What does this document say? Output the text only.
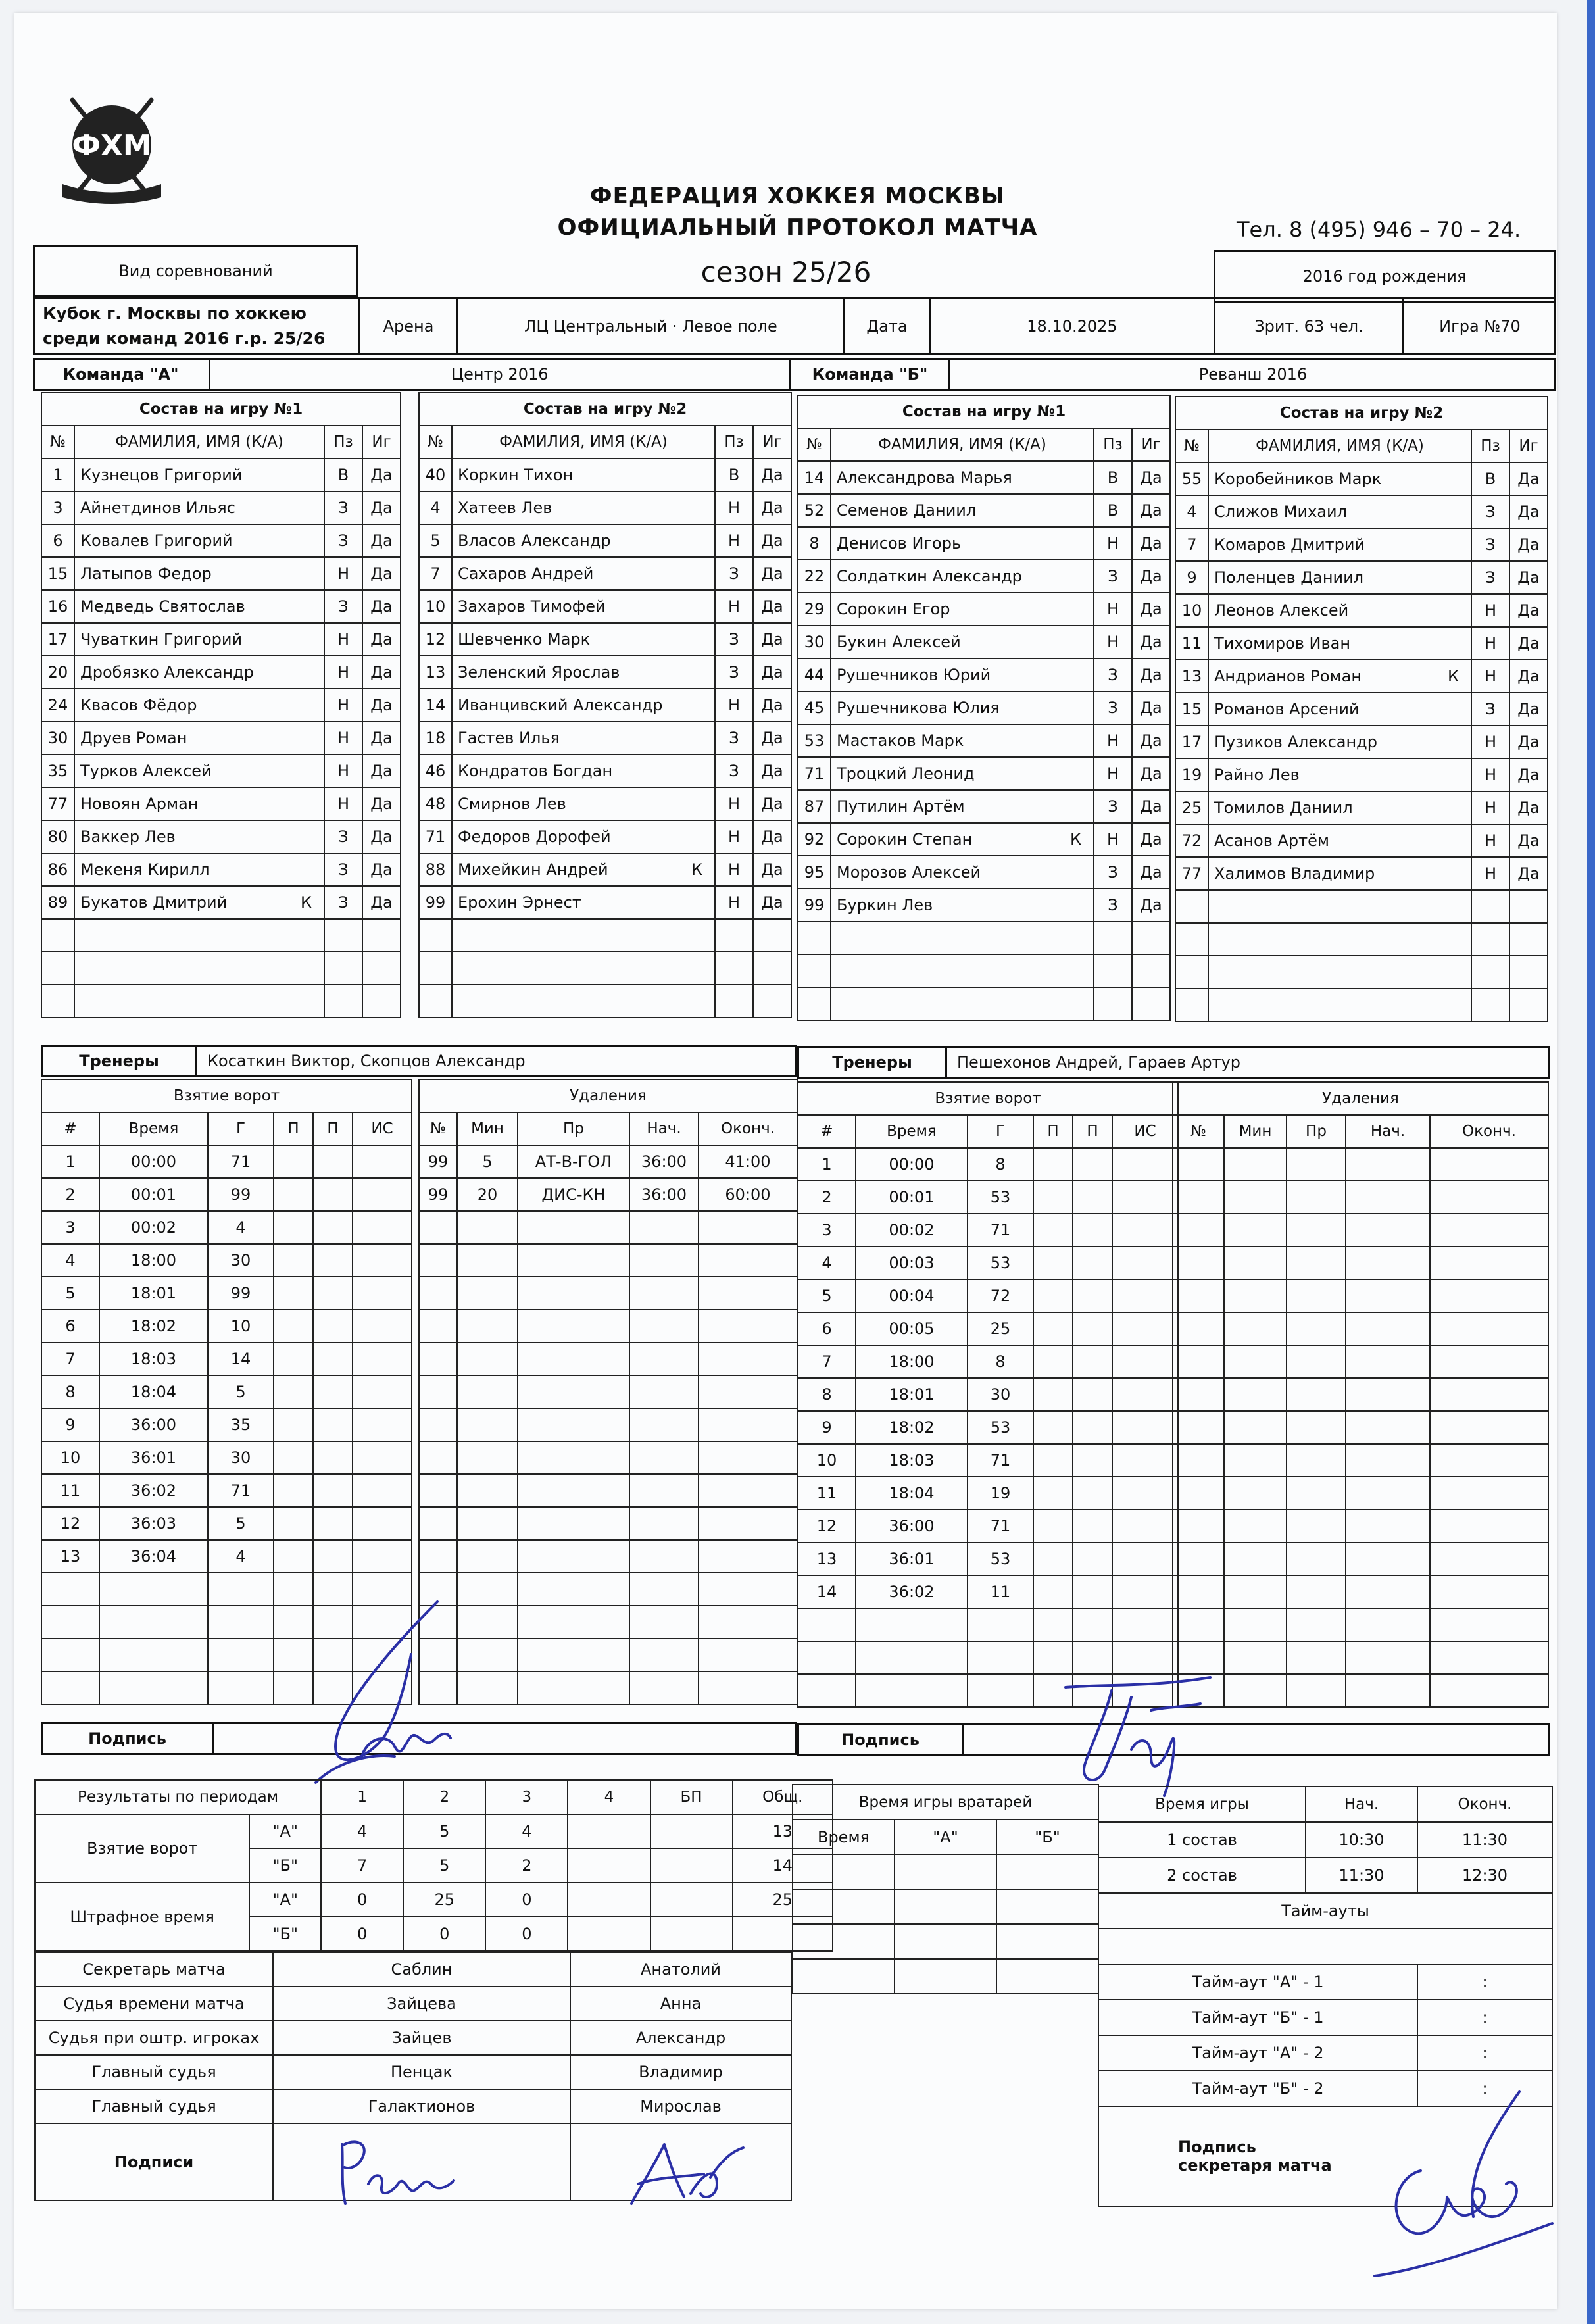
ФХМ
ФЕДЕРАЦИЯ ХОККЕЯ МОСКВЫ
ОФИЦИАЛЬНЫЙ ПРОТОКОЛ МАТЧА	Тел. 8 (495) 946 – 70 – 24.
Вид соревнований	сезон 25/26	2016 год рождения
Кубок г. Москвы по хоккею
среди команд 2016 г.р. 25/26
Арена	ЛЦ Центральный · Левое поле	Дата	18.10.2025	Зрит. 63 чел.	Игра №70
Команда "А"	Центр 2016	Команда "Б"	Реванш 2016
Состав на игру №1			
№	ФАМИЛИЯ, ИМЯ (К/А)	Пз	Иг
1	Кузнецов Григорий	В	Да
3	Айнетдинов Ильяс	З	Да
6	Ковалев Григорий	З	Да
15	Латыпов Федор	Н	Да
16	Медведь Святослав	З	Да
17	Чуваткин Григорий	Н	Да
20	Дробязко Александр	Н	Да
24	Квасов Фёдор	Н	Да
30	Друев Роман	Н	Да
35	Турков Алексей	Н	Да
77	Новоян Арман	Н	Да
80	Ваккер Лев	З	Да
86	Мекеня Кирилл	З	Да
89	Букатов Дмитрий К	З	Да

Состав на игру №2			
№	ФАМИЛИЯ, ИМЯ (К/А)	Пз	Иг
40	Коркин Тихон	В	Да
4	Хатеев Лев	Н	Да
5	Власов Александр	Н	Да
7	Сахаров Андрей	З	Да
10	Захаров Тимофей	Н	Да
12	Шевченко Марк	З	Да
13	Зеленский Ярослав	З	Да
14	Иванцивский Александр	Н	Да
18	Гастев Илья	З	Да
46	Кондратов Богдан	З	Да
48	Смирнов Лев	Н	Да
71	Федоров Дорофей	Н	Да
88	Михейкин Андрей К	Н	Да
99	Ерохин Эрнест	Н	Да

Состав на игру №1			
№	ФАМИЛИЯ, ИМЯ (К/А)	Пз	Иг
14	Александрова Марья	В	Да
52	Семенов Даниил	В	Да
8	Денисов Игорь	Н	Да
22	Солдаткин Александр	З	Да
29	Сорокин Егор	Н	Да
30	Букин Алексей	Н	Да
44	Рушечников Юрий	З	Да
45	Рушечникова Юлия	З	Да
53	Мастаков Марк	Н	Да
71	Троцкий Леонид	Н	Да
87	Путилин Артём	З	Да
92	Сорокин Степан К	Н	Да
95	Морозов Алексей	З	Да
99	Буркин Лев	З	Да

Состав на игру №2			
№	ФАМИЛИЯ, ИМЯ (К/А)	Пз	Иг
55	Коробейников Марк	В	Да
4	Слижов Михаил	З	Да
7	Комаров Дмитрий	З	Да
9	Поленцев Даниил	З	Да
10	Леонов Алексей	Н	Да
11	Тихомиров Иван	Н	Да
13	Андрианов Роман К	Н	Да
15	Романов Арсений	З	Да
17	Пузиков Александр	Н	Да
19	Райно Лев	Н	Да
25	Томилов Даниил	Н	Да
72	Асанов Артём	Н	Да
77	Халимов Владимир	Н	Да

Тренеры	Косаткин Виктор, Скопцов Александр	Тренеры	Пешехонов Андрей, Гараев Артур
Взятие ворот					
#	Время	Г	П	П	ИС
1	00:00	71			
2	00:01	99			
3	00:02	4			
4	18:00	30			
5	18:01	99			
6	18:02	10			
7	18:03	14			
8	18:04	5			
9	36:00	35			
10	36:01	30			
11	36:02	71			
12	36:03	5			
13	36:04	4			

Удаления				
№	Мин	Пр	Нач.	Оконч.
99	5	АТ-В-ГОЛ	36:00	41:00
99	20	ДИС-КН	36:00	60:00

Взятие ворот					
#	Время	Г	П	П	ИС
1	00:00	8			
2	00:01	53			
3	00:02	71			
4	00:03	53			
5	00:04	72			
6	00:05	25			
7	18:00	8			
8	18:01	30			
9	18:02	53			
10	18:03	71			
11	18:04	19			
12	36:00	71			
13	36:01	53			
14	36:02	11			

Удаления				
№	Мин	Пр	Нач.	Оконч.

Подпись	Подпись
Результаты по периодам		1	2	3	4	БП	Общ.
Взятие ворот	"А"	4	5	4			13
	"Б"	7	5	2			14
Штрафное время	"А"	0	25	0			25
	"Б"	0	0	0			
Секретарь матча	Саблин	Анатолий
Судья времени матча	Зайцева	Анна
Судья при оштр. игроках	Зайцев	Александр
Главный судья	Пенцак	Владимир
Главный судья	Галактионов	Мирослав
Подписи		
Время игры вратарей		
Время	"А"	"Б"

Время игры	Нач.	Оконч.
1 состав	10:30	11:30
2 состав	11:30	12:30
Тайм-ауты		

Тайм-аут "А" - 1		:
Тайм-аут "Б" - 1		:
Тайм-аут "А" - 2		:
Тайм-аут "Б" - 2		:

Подпись
секретаря матча		
